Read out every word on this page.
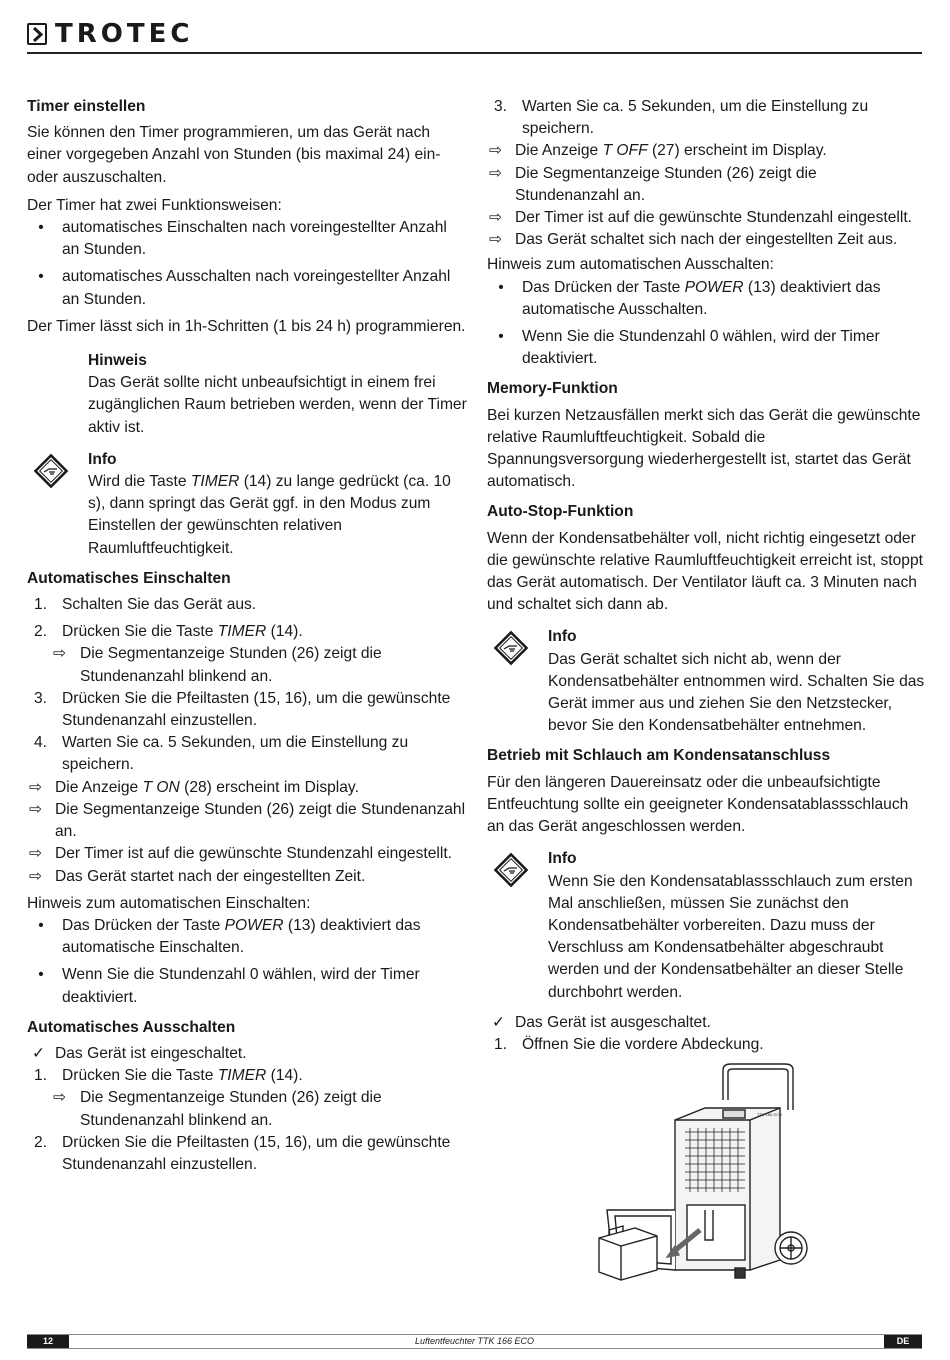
TROTEC

Timer einstellen

Sie können den Timer programmieren, um das Gerät nach einer vorgegeben Anzahl von Stunden (bis maximal 24) ein- oder auszuschalten.

Der Timer hat zwei Funktionsweisen:

•	automatisches Einschalten nach voreingestellter Anzahl an Stunden.
•	automatisches Ausschalten nach voreingestellter Anzahl an Stunden.

Der Timer lässt sich in 1h-Schritten (1 bis 24 h) programmieren.

Hinweis

Das Gerät sollte nicht unbeaufsichtigt in einem frei zugänglichen Raum betrieben werden, wenn der Timer aktiv ist.

Info

Wird die Taste TIMER (14) zu lange gedrückt (ca. 10 s), dann springt das Gerät ggf. in den Modus zum Einstellen der gewünschten relativen Raumluftfeuchtigkeit.

Automatisches Einschalten

1. Schalten Sie das Gerät aus.
2. Drücken Sie die Taste TIMER (14).
⇨ Die Segmentanzeige Stunden (26) zeigt die Stundenanzahl blinkend an.
3. Drücken Sie die Pfeiltasten (15, 16), um die gewünschte Stundenanzahl einzustellen.
4. Warten Sie ca. 5 Sekunden, um die Einstellung zu speichern.
⇨ Die Anzeige T ON (28) erscheint im Display.
⇨ Die Segmentanzeige Stunden (26) zeigt die Stundenanzahl an.
⇨ Der Timer ist auf die gewünschte Stundenzahl eingestellt.
⇨ Das Gerät startet nach der eingestellten Zeit.

Hinweis zum automatischen Einschalten:

•	Das Drücken der Taste POWER (13) deaktiviert das automatische Einschalten.
•	Wenn Sie die Stundenzahl 0 wählen, wird der Timer deaktiviert.

Automatisches Ausschalten

✓ Das Gerät ist eingeschaltet.
1. Drücken Sie die Taste TIMER (14).
⇨ Die Segmentanzeige Stunden (26) zeigt die Stundenanzahl blinkend an.
2. Drücken Sie die Pfeiltasten (15, 16), um die gewünschte Stundenanzahl einzustellen.
3. Warten Sie ca. 5 Sekunden, um die Einstellung zu speichern.
⇨ Die Anzeige T OFF (27) erscheint im Display.
⇨ Die Segmentanzeige Stunden (26) zeigt die Stundenanzahl an.
⇨ Der Timer ist auf die gewünschte Stundenzahl eingestellt.
⇨ Das Gerät schaltet sich nach der eingestellten Zeit aus.

Hinweis zum automatischen Ausschalten:

•	Das Drücken der Taste POWER (13) deaktiviert das automatische Ausschalten.
•	Wenn Sie die Stundenzahl 0 wählen, wird der Timer deaktiviert.

Memory-Funktion

Bei kurzen Netzausfällen merkt sich das Gerät die gewünschte relative Raumluftfeuchtigkeit. Sobald die Spannungsversorgung wiederhergestellt ist, startet das Gerät automatisch.

Auto-Stop-Funktion

Wenn der Kondensatbehälter voll, nicht richtig eingesetzt oder die gewünschte relative Raumluftfeuchtigkeit erreicht ist, stoppt das Gerät automatisch. Der Ventilator läuft ca. 3 Minuten nach und schaltet sich dann ab.

Info

Das Gerät schaltet sich nicht ab, wenn der Kondensatbehälter entnommen wird. Schalten Sie das Gerät immer aus und ziehen Sie den Netzstecker, bevor Sie den Kondensatbehälter entnehmen.

Betrieb mit Schlauch am Kondensatanschluss

Für den längeren Dauereinsatz oder die unbeaufsichtigte Entfeuchtung sollte ein geeigneter Kondensatablassschlauch an das Gerät angeschlossen werden.

Info

Wenn Sie den Kondensatablassschlauch zum ersten Mal anschließen, müssen Sie zunächst den Kondensatbehälter vorbereiten. Dazu muss der Verschluss am Kondensatbehälter abgeschraubt werden und der Kondensatbehälter an dieser Stelle durchbohrt werden.

✓ Das Gerät ist ausgeschaltet.
1. Öffnen Sie die vordere Abdeckung.
TTK 166 ECO
12	Luftentfeuchter TTK 166 ECO	DE
